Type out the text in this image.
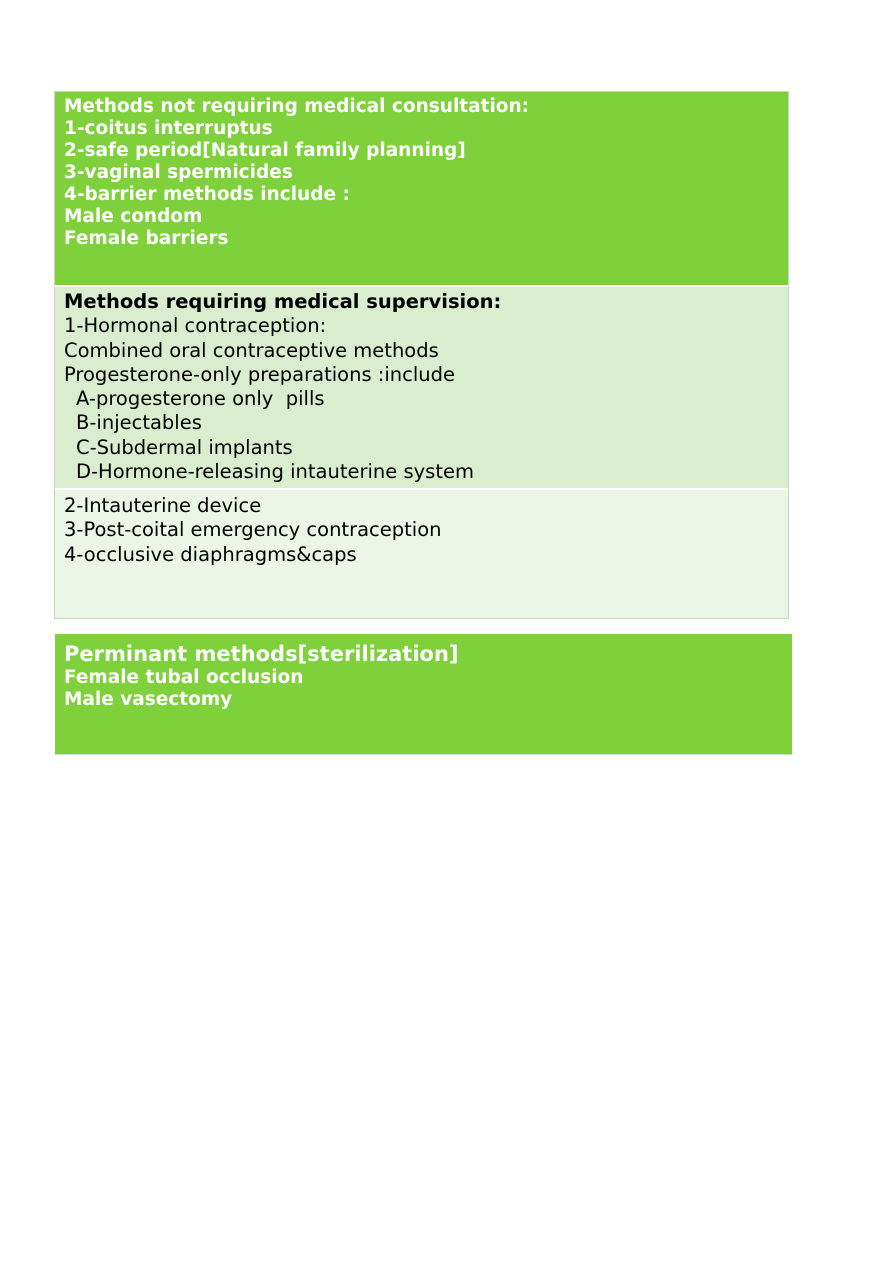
Methods not requiring medical consultation:
1-coitus interruptus
2-safe period[Natural family planning]
3-vaginal spermicides
4-barrier methods include :
Male condom
Female barriers
Methods requiring medical supervision:
1-Hormonal contraception:
Combined oral contraceptive methods
Progesterone-only preparations :include
A-progesterone only  pills
B-injectables
C-Subdermal implants
D-Hormone-releasing intauterine system
2-Intauterine device
3-Post-coital emergency contraception
4-occlusive diaphragms&caps
Perminant methods[sterilization]
Female tubal occlusion
Male vasectomy
